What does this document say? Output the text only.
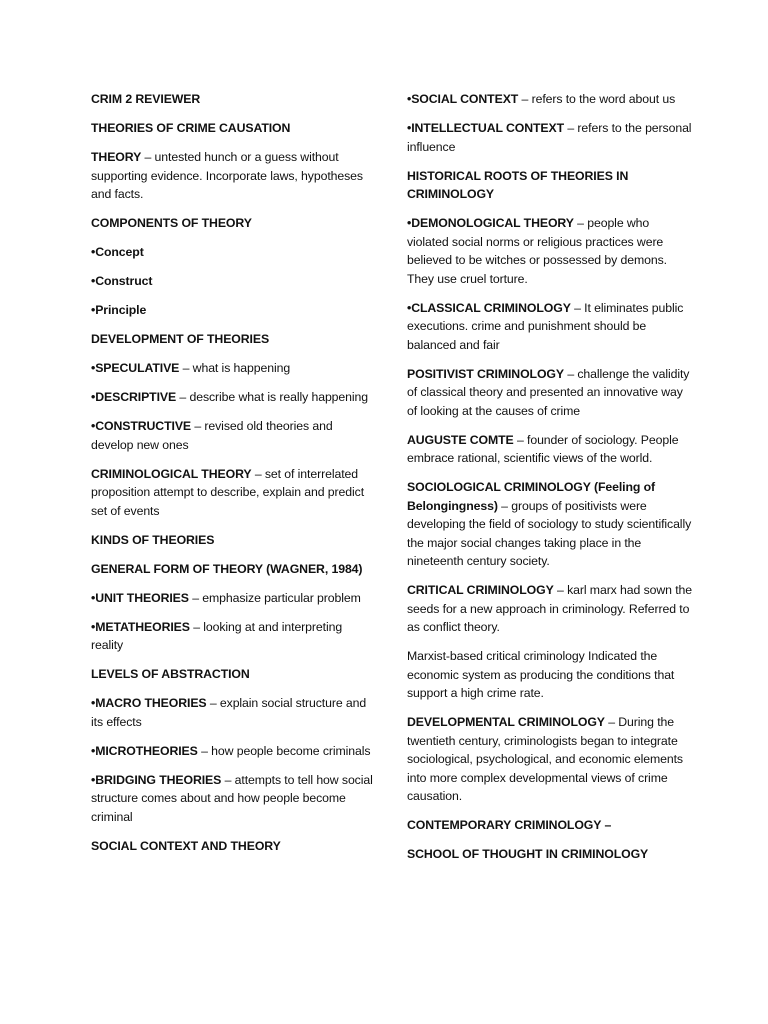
CRIM 2 REVIEWER

THEORIES OF CRIME CAUSATION

THEORY – untested hunch or a guess without supporting evidence. Incorporate laws, hypotheses and facts.

COMPONENTS OF THEORY

•Concept

•Construct

•Principle

DEVELOPMENT OF THEORIES

•SPECULATIVE – what is happening

•DESCRIPTIVE – describe what is really happening

•CONSTRUCTIVE – revised old theories and develop new ones

CRIMINOLOGICAL THEORY – set of interrelated proposition attempt to describe, explain and predict set of events

KINDS OF THEORIES

GENERAL FORM OF THEORY (WAGNER, 1984)

•UNIT THEORIES – emphasize particular problem

•METATHEORIES – looking at and interpreting reality

LEVELS OF ABSTRACTION

•MACRO THEORIES – explain social structure and its effects

•MICROTHEORIES – how people become criminals

•BRIDGING THEORIES – attempts to tell how social structure comes about and how people become criminal

SOCIAL CONTEXT AND THEORY

•SOCIAL CONTEXT – refers to the word about us

•INTELLECTUAL CONTEXT – refers to the personal influence

HISTORICAL ROOTS OF THEORIES IN CRIMINOLOGY

•DEMONOLOGICAL THEORY – people who violated social norms or religious practices were believed to be witches or possessed by demons. They use cruel torture.

•CLASSICAL CRIMINOLOGY – It eliminates public executions. crime and punishment should be balanced and fair

POSITIVIST CRIMINOLOGY – challenge the validity of classical theory and presented an innovative way of looking at the causes of crime

AUGUSTE COMTE – founder of sociology. People embrace rational, scientific views of the world.

SOCIOLOGICAL CRIMINOLOGY (Feeling of Belongingness) – groups of positivists were developing the field of sociology to study scientifically the major social changes taking place in the nineteenth century society.

CRITICAL CRIMINOLOGY – karl marx had sown the seeds for a new approach in criminology. Referred to as conflict theory.

Marxist-based critical criminology Indicated the economic system as producing the conditions that support a high crime rate.

DEVELOPMENTAL CRIMINOLOGY – During the twentieth century, criminologists began to integrate sociological, psychological, and economic elements into more complex developmental views of crime causation.

CONTEMPORARY CRIMINOLOGY –

SCHOOL OF THOUGHT IN CRIMINOLOGY
